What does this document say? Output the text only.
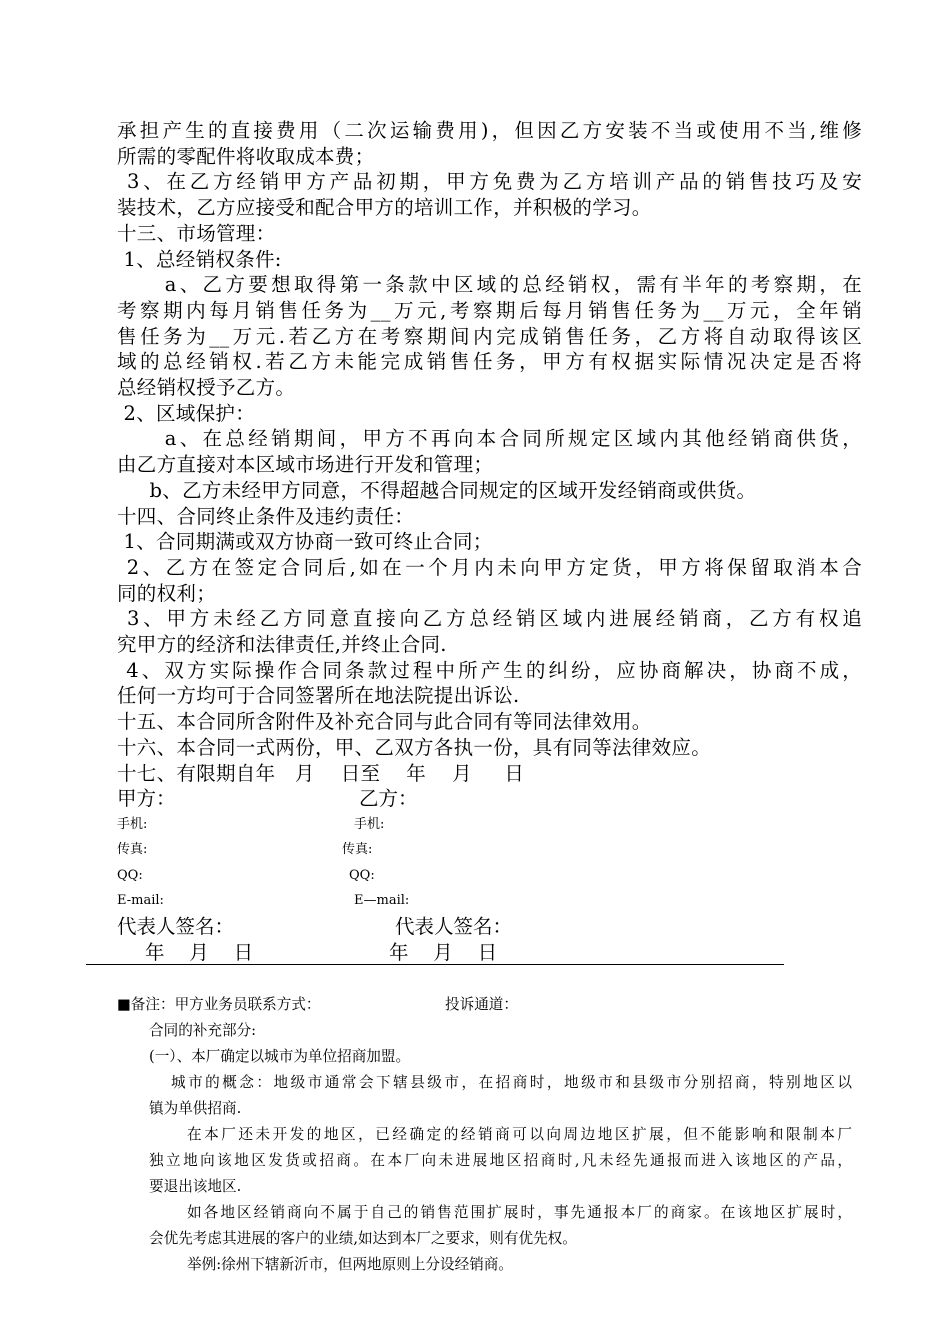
承担产生的直接费用（二次运输费用)，但因乙方安装不当或使用不当,维修
所需的零配件将收取成本费；
3、在乙方经销甲方产品初期，甲方免费为乙方培训产品的销售技巧及安
装技术，乙方应接受和配合甲方的培训工作，并积极的学习。
十三、市场管理：
1、总经销权条件:
a、乙方要想取得第一条款中区域的总经销权，需有半年的考察期，在
考察期内每月销售任务为__万元,考察期后每月销售任务为__万元，全年销
售任务为__万元.若乙方在考察期间内完成销售任务，乙方将自动取得该区
域的总经销权.若乙方未能完成销售任务，甲方有权据实际情况决定是否将
总经销权授予乙方。
2、区域保护：
a、在总经销期间，甲方不再向本合同所规定区域内其他经销商供货，
由乙方直接对本区域市场进行开发和管理；
b、乙方未经甲方同意，不得超越合同规定的区域开发经销商或供货。
十四、合同终止条件及违约责任：
1、合同期满或双方协商一致可终止合同；
2、乙方在签定合同后,如在一个月内未向甲方定货，甲方将保留取消本合
同的权利；
3、甲方未经乙方同意直接向乙方总经销区域内进展经销商，乙方有权追
究甲方的经济和法律责任,并终止合同.
4、双方实际操作合同条款过程中所产生的纠纷，应协商解决，协商不成，
任何一方均可于合同签署所在地法院提出诉讼.
十五、本合同所含附件及补充合同与此合同有等同法律效用。
十六、本合同一式两份，甲、乙双方各执一份，具有同等法律效应。
十七、有限期自年   月    日至    年    月     日
甲方：	乙方：
手机:	手机:
传真:	传真:
QQ:	QQ:
E-mail:	E—mail:
代表人签名：	代表人签名：
年    月    日	年    月    日
■备注：甲方业务员联系方式：	投诉通道：
合同的补充部分:
(一）、本厂确定以城市为单位招商加盟。
城市的概念：地级市通常会下辖县级市，在招商时，地级市和县级市分别招商，特别地区以
镇为单供招商.
在本厂还未开发的地区，已经确定的经销商可以向周边地区扩展，但不能影响和限制本厂
独立地向该地区发货或招商。在本厂向未进展地区招商时,凡未经先通报而进入该地区的产品，
要退出该地区.
如各地区经销商向不属于自己的销售范围扩展时，事先通报本厂的商家。在该地区扩展时，
会优先考虑其进展的客户的业绩,如达到本厂之要求，则有优先权。
举例:徐州下辖新沂市，但两地原则上分设经销商。
